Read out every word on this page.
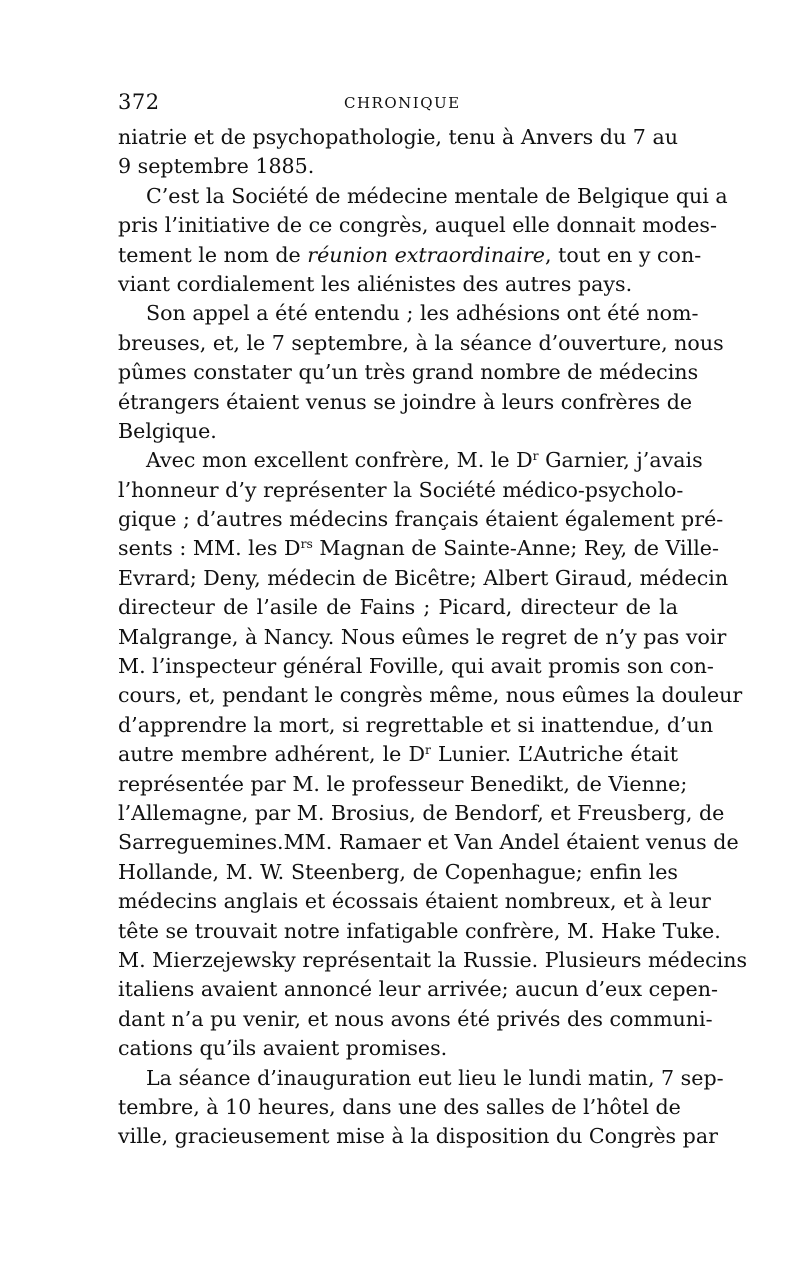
372	CHRONIQUE
niatrie et de psychopathologie, tenu à Anvers du 7 au
9 septembre 1885.
C’est la Société de médecine mentale de Belgique qui a
pris l’initiative de ce congrès, auquel elle donnait modes-
tement le nom de réunion extraordinaire, tout en y con-
viant cordialement les aliénistes des autres pays.
Son appel a été entendu ; les adhésions ont été nom-
breuses, et, le 7 septembre, à la séance d’ouverture, nous
pûmes constater qu’un très grand nombre de médecins
étrangers étaient venus se joindre à leurs confrères de
Belgique.
Avec mon excellent confrère, M. le $D^r$ Garnier, j’avais
l’honneur d’y représenter la Société médico-psycholo-
gique ; d’autres médecins français étaient également pré-
sents : MM. les $D^{rs}$ Magnan de Sainte-Anne; Rey, de Ville-
Evrard; Deny, médecin de Bicêtre; Albert Giraud, médecin
directeur de l’asile de Fains ; Picard, directeur de la
Malgrange, à Nancy. Nous eûmes le regret de n’y pas voir
M. l’inspecteur général Foville, qui avait promis son con-
cours, et, pendant le congrès même, nous eûmes la douleur
d’apprendre la mort, si regrettable et si inattendue, d’un
autre membre adhérent, le $D^r$ Lunier. L’Autriche était
représentée par M. le professeur Benedikt, de Vienne;
l’Allemagne, par M. Brosius, de Bendorf, et Freusberg, de
Sarreguemines.MM. Ramaer et Van Andel étaient venus de
Hollande, M. W. Steenberg, de Copenhague; enfin les
médecins anglais et écossais étaient nombreux, et à leur
tête se trouvait notre infatigable confrère, M. Hake Tuke.
M. Mierzejewsky représentait la Russie. Plusieurs médecins
italiens avaient annoncé leur arrivée; aucun d’eux cepen-
dant n’a pu venir, et nous avons été privés des communi-
cations qu’ils avaient promises.
La séance d’inauguration eut lieu le lundi matin, 7 sep-
tembre, à 10 heures, dans une des salles de l’hôtel de
ville, gracieusement mise à la disposition du Congrès par
